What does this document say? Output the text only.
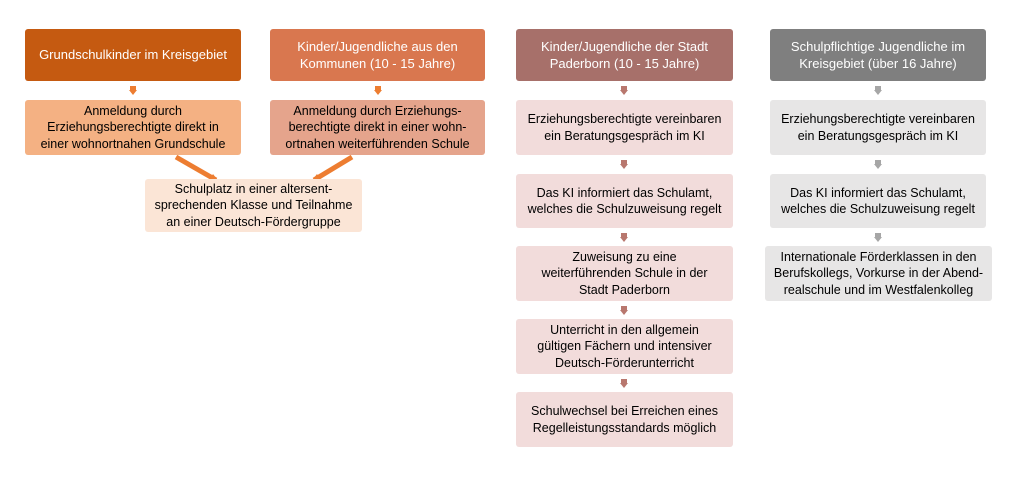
Grundschulkinder im Kreisgebiet
Anmeldung durch
Erziehungsberechtigte direkt in
einer wohnortnahen Grundschule
Kinder/Jugendliche aus den
Kommunen (10 - 15 Jahre)
Anmeldung durch Erziehungs-
berechtigte direkt in einer wohn-
ortnahen weiterführenden Schule
Schulplatz in einer altersent-
sprechenden Klasse und Teilnahme
an einer Deutsch-Fördergruppe
Kinder/Jugendliche der Stadt
Paderborn (10 - 15 Jahre)
Erziehungsberechtigte vereinbaren
ein Beratungsgespräch im KI
Das KI informiert das Schulamt,
welches die Schulzuweisung regelt
Zuweisung zu eine
weiterführenden Schule in der
Stadt Paderborn
Unterricht in den allgemein
gültigen Fächern und intensiver
Deutsch-Förderunterricht
Schulwechsel bei Erreichen eines
Regelleistungsstandards möglich
Schulpflichtige Jugendliche im
Kreisgebiet (über 16 Jahre)
Erziehungsberechtigte vereinbaren
ein Beratungsgespräch im KI
Das KI informiert das Schulamt,
welches die Schulzuweisung regelt
Internationale Förderklassen in den
Berufskollegs, Vorkurse in der Abend-
realschule und im Westfalenkolleg
